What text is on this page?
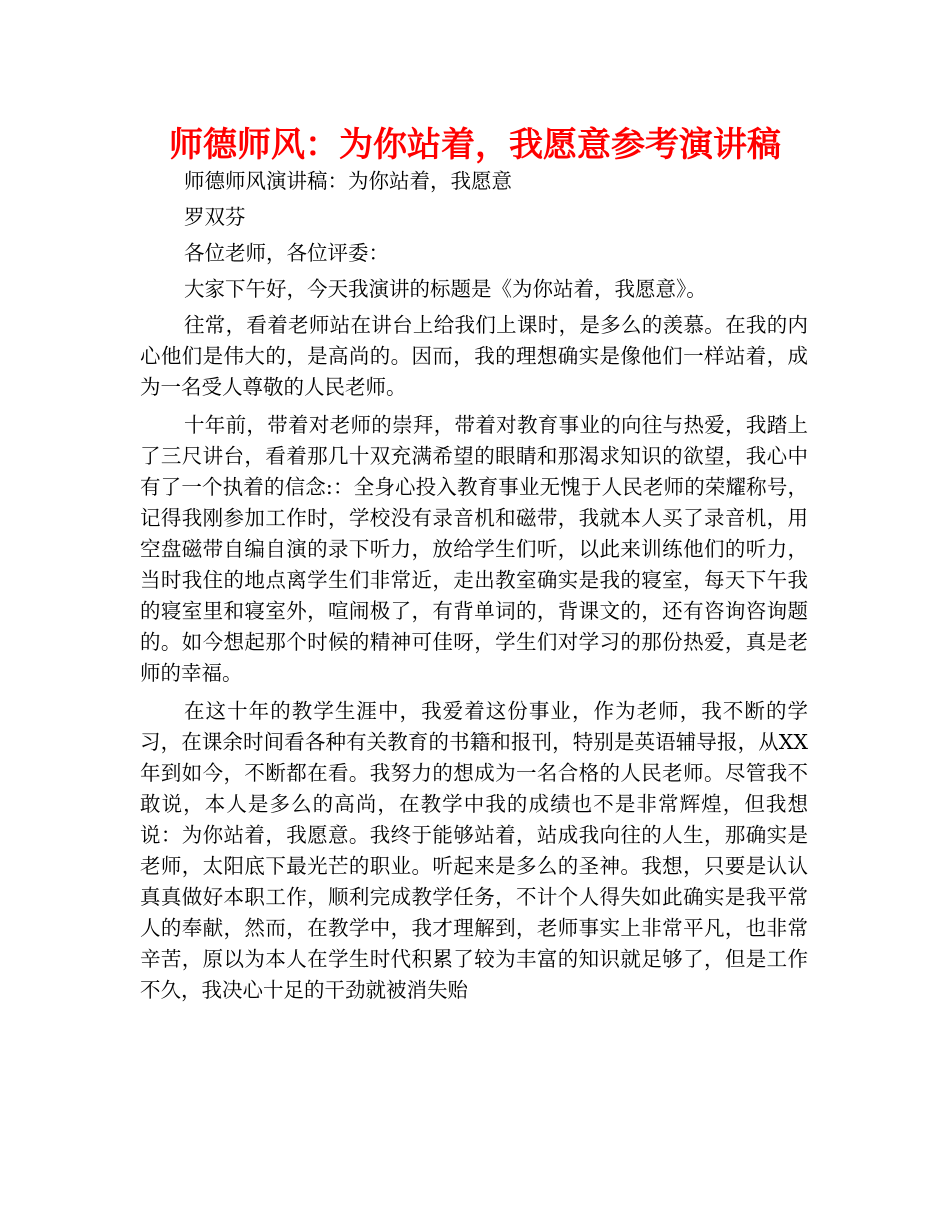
师德师风：为你站着，我愿意参考演讲稿

师德师风演讲稿：为你站着，我愿意

罗双芬

各位老师，各位评委：

大家下午好，今天我演讲的标题是《为你站着，我愿意》。

往常，看着老师站在讲台上给我们上课时，是多么的羡慕。在我的内心他们是伟大的，是高尚的。因而，我的理想确实是像他们一样站着，成为一名受人尊敬的人民老师。

十年前，带着对老师的崇拜，带着对教育事业的向往与热爱，我踏上了三尺讲台，看着那几十双充满希望的眼睛和那渴求知识的欲望，我心中有了一个执着的信念:：全身心投入教育事业无愧于人民老师的荣耀称号，记得我刚参加工作时，学校没有录音机和磁带，我就本人买了录音机，用空盘磁带自编自演的录下听力，放给学生们听，以此来训练他们的听力，当时我住的地点离学生们非常近，走出教室确实是我的寝室，每天下午我的寝室里和寝室外，喧闹极了，有背单词的，背课文的，还有咨询咨询题的。如今想起那个时候的精神可佳呀，学生们对学习的那份热爱，真是老师的幸福。

在这十年的教学生涯中，我爱着这份事业，作为老师，我不断的学习，在课余时间看各种有关教育的书籍和报刊，特别是英语辅导报，从XX年到如今，不断都在看。我努力的想成为一名合格的人民老师。尽管我不敢说，本人是多么的高尚，在教学中我的成绩也不是非常辉煌，但我想说：为你站着，我愿意。我终于能够站着，站成我向往的人生，那确实是老师，太阳底下最光芒的职业。听起来是多么的圣神。我想，只要是认认真真做好本职工作，顺利完成教学任务，不计个人得失如此确实是我平常人的奉献，然而，在教学中，我才理解到，老师事实上非常平凡，也非常辛苦，原以为本人在学生时代积累了较为丰富的知识就足够了，但是工作不久，我决心十足的干劲就被消失贻
